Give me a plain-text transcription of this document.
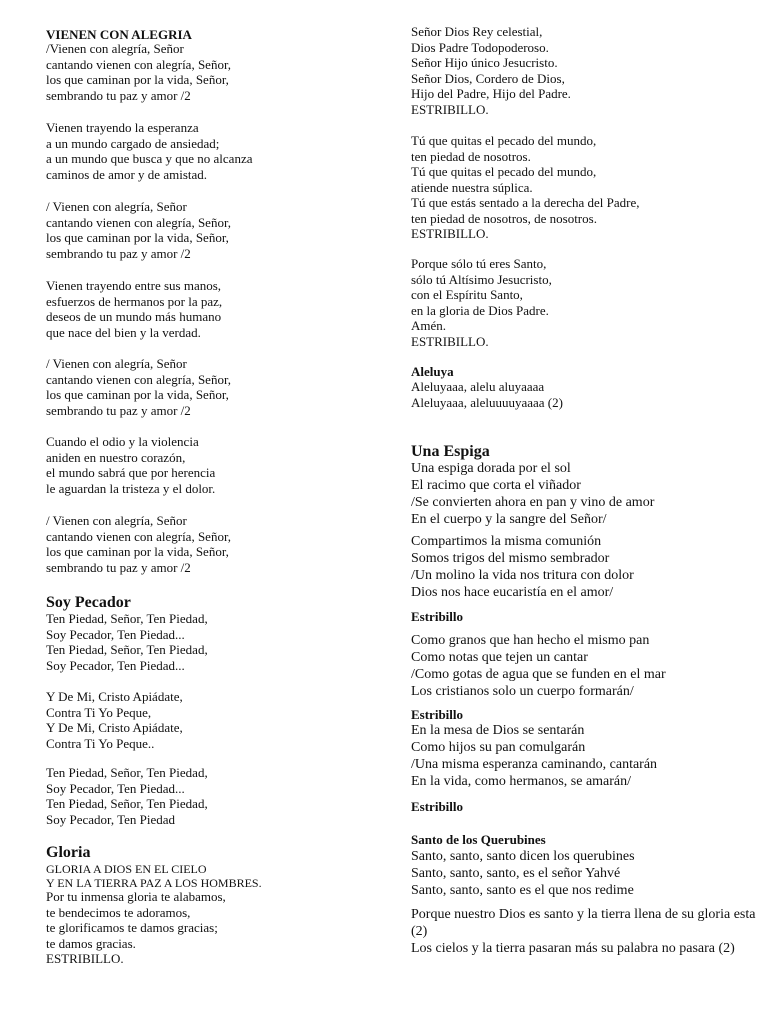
VIENEN CON ALEGRIA
/Vienen con alegría, Señor
cantando vienen con alegría, Señor,
los que caminan por la vida, Señor,
sembrando tu paz y amor /2
Vienen trayendo la esperanza
a un mundo cargado de ansiedad;
a un mundo que busca y que no alcanza
caminos de amor y de amistad.
/ Vienen con alegría, Señor
cantando vienen con alegría, Señor,
los que caminan por la vida, Señor,
sembrando tu paz y amor /2
Vienen trayendo entre sus manos,
esfuerzos de hermanos por la paz,
deseos de un mundo más humano
que nace del bien y la verdad.
/ Vienen con alegría, Señor
cantando vienen con alegría, Señor,
los que caminan por la vida, Señor,
sembrando tu paz y amor /2
Cuando el odio y la violencia
aniden en nuestro corazón,
el mundo sabrá que por herencia
le aguardan la tristeza y el dolor.
/ Vienen con alegría, Señor
cantando vienen con alegría, Señor,
los que caminan por la vida, Señor,
sembrando tu paz y amor /2
Soy Pecador
Ten Piedad, Señor, Ten Piedad,
Soy Pecador, Ten Piedad...
Ten Piedad, Señor, Ten Piedad,
Soy Pecador, Ten Piedad...
Y De Mi, Cristo Apiádate,
Contra Ti Yo Peque,
Y De Mi, Cristo Apiádate,
Contra Ti Yo Peque..
Ten Piedad, Señor, Ten Piedad,
Soy Pecador, Ten Piedad...
Ten Piedad, Señor, Ten Piedad,
Soy Pecador, Ten Piedad
Gloria
GLORIA A DIOS EN EL CIELO
Y EN LA TIERRA PAZ A LOS HOMBRES.
Por tu inmensa gloria te alabamos,
te bendecimos te adoramos,
te glorificamos te damos gracias;
te damos gracias.
ESTRIBILLO.
Señor Dios Rey celestial,
Dios Padre Todopoderoso.
Señor Hijo único Jesucristo.
Señor Dios, Cordero de Dios,
Hijo del Padre, Hijo del Padre.
ESTRIBILLO.
Tú que quitas el pecado del mundo,
ten piedad de nosotros.
Tú que quitas el pecado del mundo,
atiende nuestra súplica.
Tú que estás sentado a la derecha del Padre,
ten piedad de nosotros, de nosotros.
ESTRIBILLO.
Porque sólo tú eres Santo,
sólo tú Altísimo Jesucristo,
con el Espíritu Santo,
en la gloria de Dios Padre.
Amén.
ESTRIBILLO.
Aleluya
Aleluyaaa, alelu aluyaaaa
Aleluyaaa, aleluuuuyaaaa (2)
Una Espiga
Una espiga dorada por el sol
El racimo que corta el viñador
/Se convierten ahora en pan y vino de amor
En el cuerpo y la sangre del Señor/
Compartimos la misma comunión
Somos trigos del mismo sembrador
/Un molino la vida nos tritura con dolor
Dios nos hace eucaristía en el amor/
Estribillo
Como granos que han hecho el mismo pan
Como notas que tejen un cantar
/Como gotas de agua que se funden en el mar
Los cristianos solo un cuerpo formarán/
Estribillo
En la mesa de Dios se sentarán
Como hijos su pan comulgarán
/Una misma esperanza caminando, cantarán
En la vida, como hermanos, se amarán/
Estribillo
Santo de los Querubines
Santo, santo, santo dicen los querubines
Santo, santo, santo, es el señor Yahvé
Santo, santo, santo es el que nos redime
Porque nuestro Dios es santo y la tierra llena de su gloria esta (2)
Los cielos y la tierra pasaran más su palabra no pasara (2)
